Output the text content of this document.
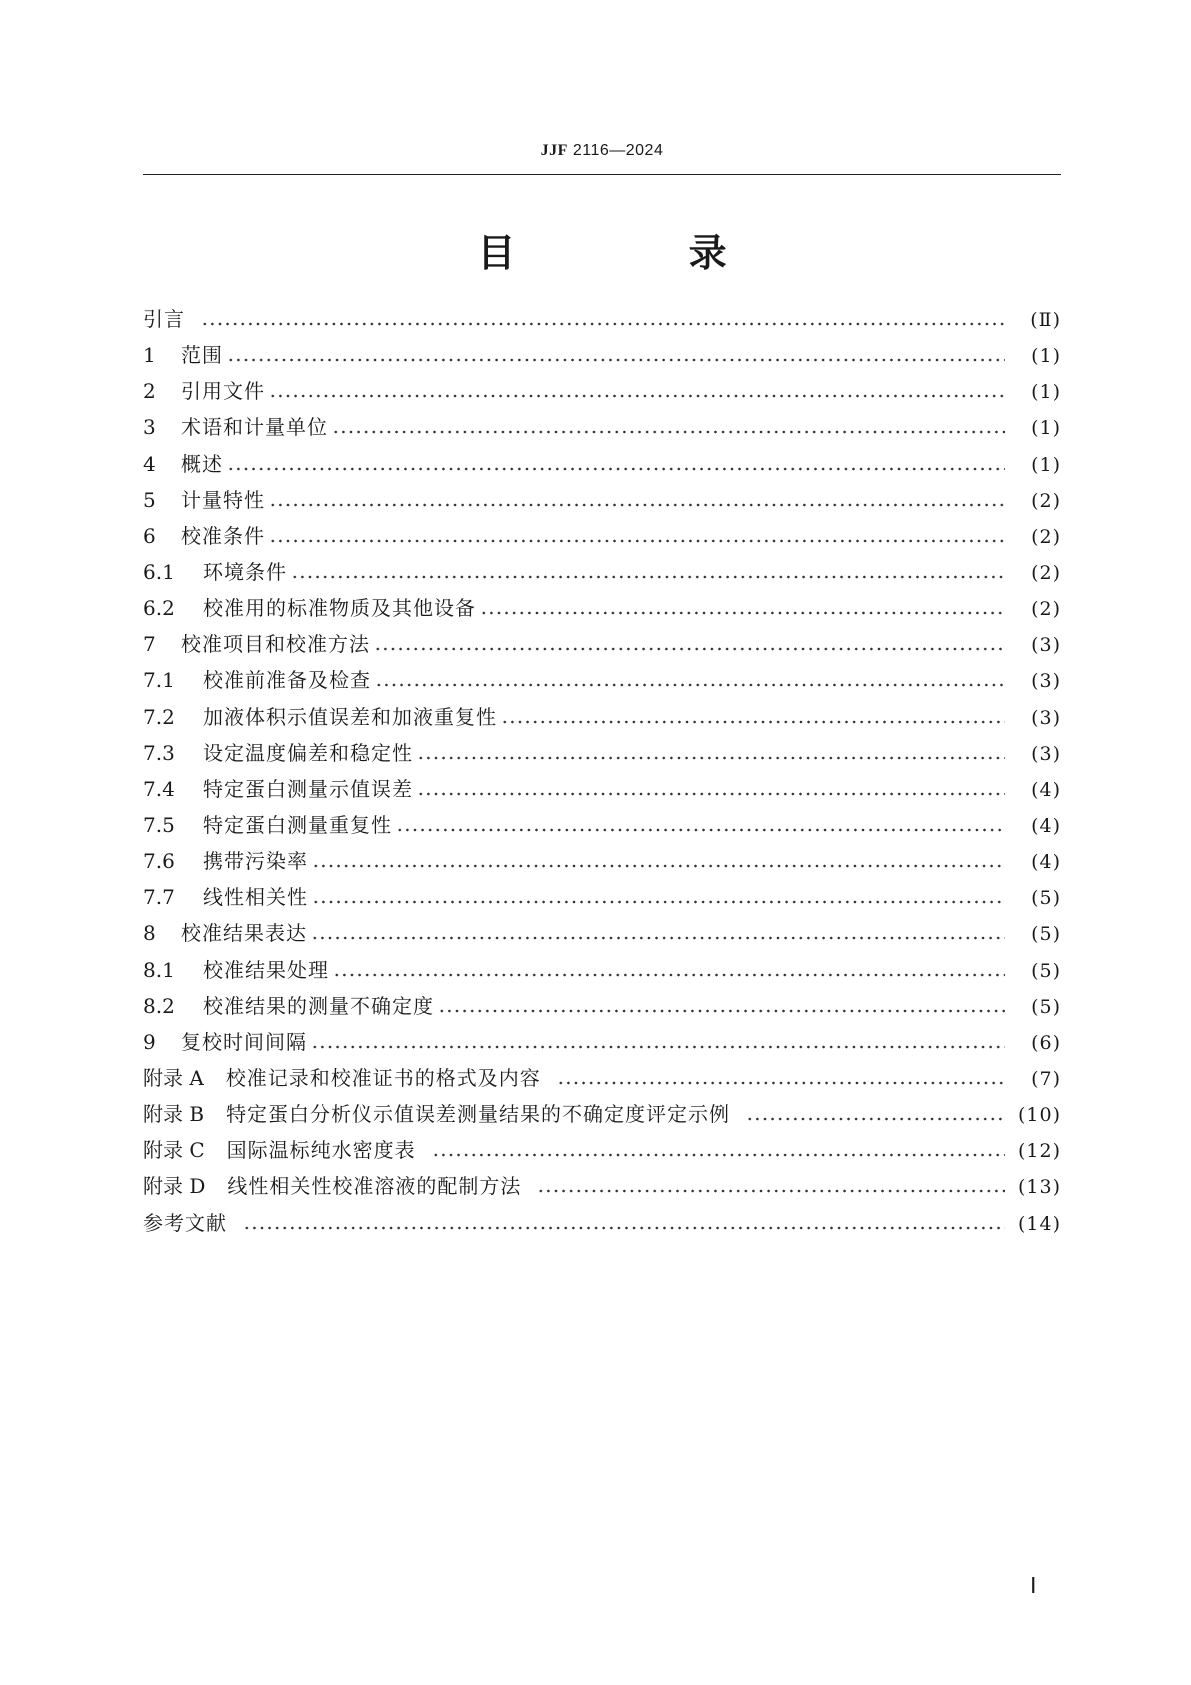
JJF 2116—2024
目 录
引言	(Ⅱ)
1	范围	(1)
2	引用文件	(1)
3	术语和计量单位	(1)
4	概述	(1)
5	计量特性	(2)
6	校准条件	(2)
6.1	环境条件	(2)
6.2	校准用的标准物质及其他设备	(2)
7	校准项目和校准方法	(3)
7.1	校准前准备及检查	(3)
7.2	加液体积示值误差和加液重复性	(3)
7.3	设定温度偏差和稳定性	(3)
7.4	特定蛋白测量示值误差	(4)
7.5	特定蛋白测量重复性	(4)
7.6	携带污染率	(4)
7.7	线性相关性	(5)
8	校准结果表达	(5)
8.1	校准结果处理	(5)
8.2	校准结果的测量不确定度	(5)
9	复校时间间隔	(6)
附录 A	校准记录和校准证书的格式及内容	(7)
附录 B	特定蛋白分析仪示值误差测量结果的不确定度评定示例	(10)
附录 C	国际温标纯水密度表	(12)
附录 D	线性相关性校准溶液的配制方法	(13)
参考文献	(14)
Ⅰ
